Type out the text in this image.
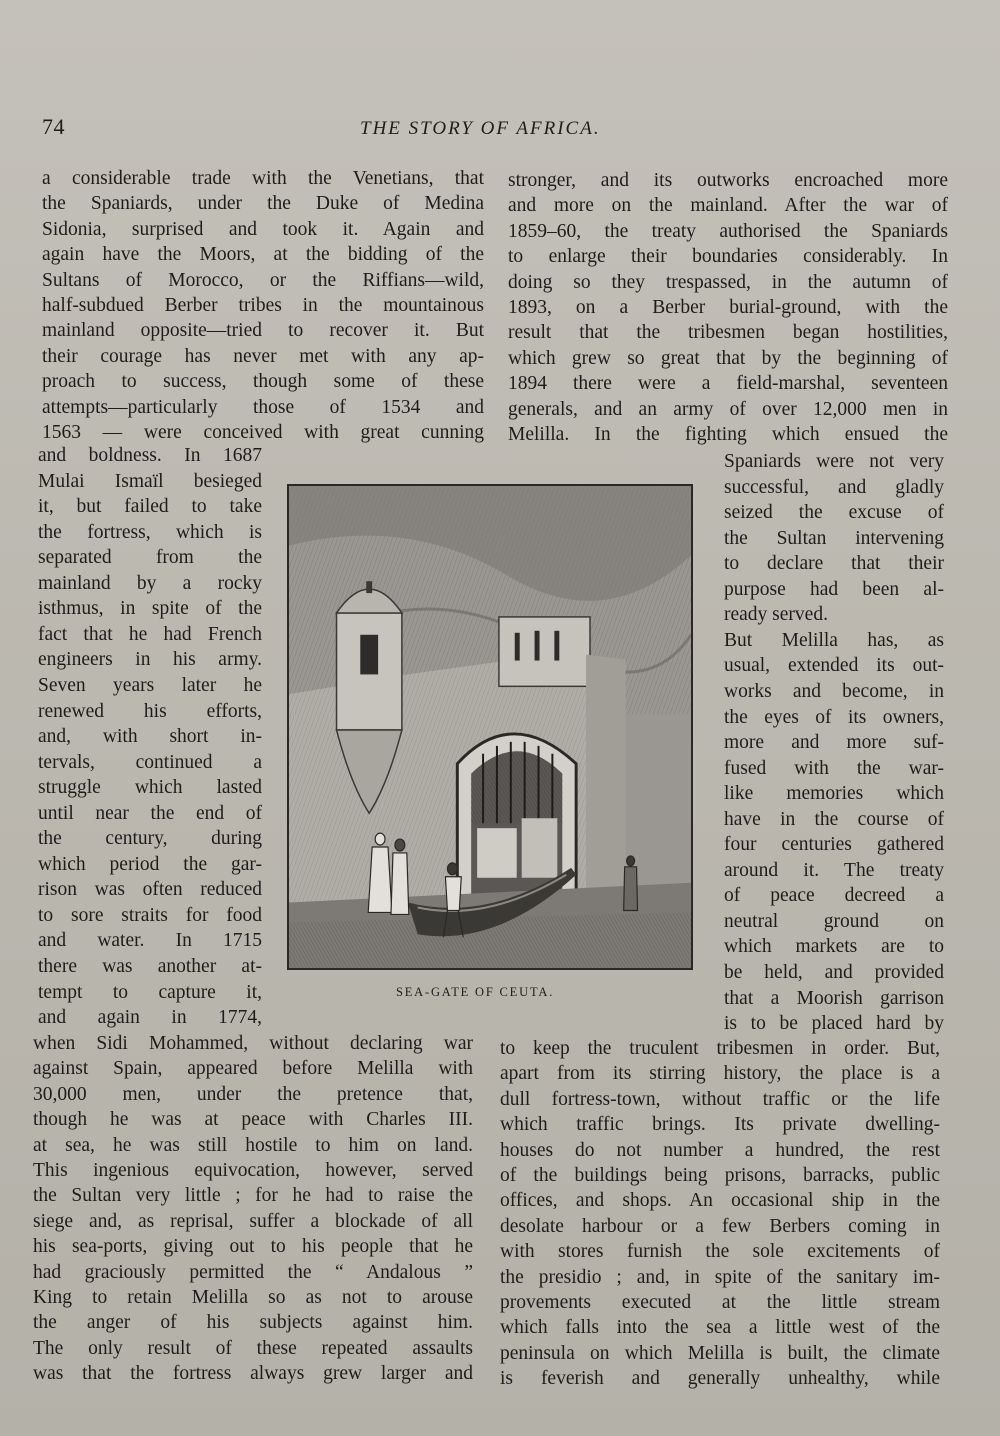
74	THE STORY OF AFRICA.

a considerable trade with the Venetians, that

the Spaniards, under the Duke of Medina

Sidonia, surprised and took it. Again and

again have the Moors, at the bidding of the

Sultans of Morocco, or the Riffians—wild,

half-subdued Berber tribes in the mountainous

mainland opposite—tried to recover it. But

their courage has never met with any ap-

proach to success, though some of these

attempts—particularly those of 1534 and

1563 — were conceived with great cunning

and boldness. In 1687

Mulai Ismaïl besieged

it, but failed to take

the fortress, which is

separated from the

mainland by a rocky

isthmus, in spite of the

fact that he had French

engineers in his army.

Seven years later he

renewed his efforts,

and, with short in-

tervals, continued a

struggle which lasted

until near the end of

the century, during

which period the gar-

rison was often reduced

to sore straits for food

and water. In 1715

there was another at-

tempt to capture it,

and again in 1774,

when Sidi Mohammed, without declaring war

against Spain, appeared before Melilla with

30,000 men, under the pretence that,

though he was at peace with Charles III.

at sea, he was still hostile to him on land.

This ingenious equivocation, however, served

the Sultan very little ; for he had to raise the

siege and, as reprisal, suffer a blockade of all

his sea-ports, giving out to his people that he

had graciously permitted the “ Andalous ”

King to retain Melilla so as not to arouse

the anger of his subjects against him.

The only result of these repeated assaults

was that the fortress always grew larger and

stronger, and its outworks encroached more

and more on the mainland. After the war of

1859–60, the treaty authorised the Spaniards

to enlarge their boundaries considerably. In

doing so they trespassed, in the autumn of

1893, on a Berber burial-ground, with the

result that the tribesmen began hostilities,

which grew so great that by the beginning of

1894 there were a field-marshal, seventeen

generals, and an army of over 12,000 men in

Melilla. In the fighting which ensued the

Spaniards were not very

successful, and gladly

seized the excuse of

the Sultan intervening

to declare that their

purpose had been al-

ready served.

But Melilla has, as

usual, extended its out-

works and become, in

the eyes of its owners,

more and more suf-

fused with the war-

like memories which

have in the course of

four centuries gathered

around it. The treaty

of peace decreed a

neutral ground on

which markets are to

be held, and provided

that a Moorish garrison

is to be placed hard by

to keep the truculent tribesmen in order. But,

apart from its stirring history, the place is a

dull fortress-town, without traffic or the life

which traffic brings. Its private dwelling-

houses do not number a hundred, the rest

of the buildings being prisons, barracks, public

offices, and shops. An occasional ship in the

desolate harbour or a few Berbers coming in

with stores furnish the sole excitements of

the presidio ; and, in spite of the sanitary im-

provements executed at the little stream

which falls into the sea a little west of the

peninsula on which Melilla is built, the climate

is feverish and generally unhealthy, while

SEA-GATE OF CEUTA.
